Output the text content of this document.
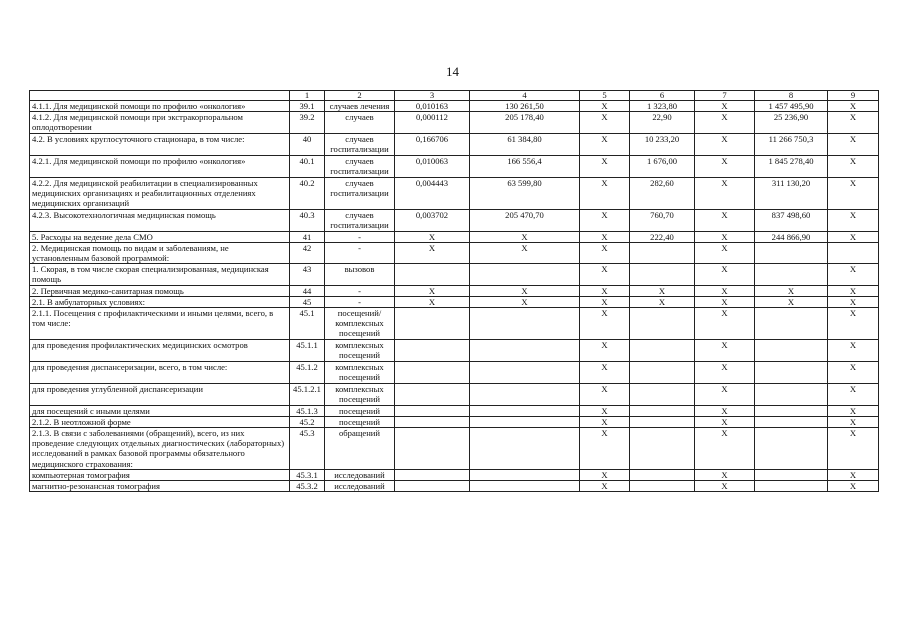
14
	1	2	3	4	5	6	7	8	9
4.1.1. Для медицинской помощи по профилю «онкология»	39.1	случаев лечения	0,010163	130 261,50	X	1 323,80	X	1 457 495,90	X
4.1.2. Для медицинской помощи при экстракорпоральном оплодотворении	39.2	случаев	0,000112	205 178,40	X	22,90	X	25 236,90	X
4.2. В условиях круглосуточного стационара, в том числе:	40	случаев госпитализации	0,166706	61 384,80	X	10 233,20	X	11 266 750,3	X
4.2.1. Для медицинской помощи по профилю «онкология»	40.1	случаев госпитализации	0,010063	166 556,4	X	1 676,00	X	1 845 278,40	X
4.2.2. Для медицинской реабилитации в специализированных медицинских организациях и реабилитационных отделениях медицинских организаций	40.2	случаев госпитализации	0,004443	63 599,80	X	282,60	X	311 130,20	X
4.2.3. Высокотехнологичная медицинская помощь	40.3	случаев госпитализации	0,003702	205 470,70	X	760,70	X	837 498,60	X
5. Расходы на ведение дела СМО	41	-	X	X	X	222,40	X	244 866,90	X
2. Медицинская помощь по видам и заболеваниям, не установленным базовой программой:	42	-	X	X	X		X		
1. Скорая, в том числе скорая специализированная, медицинская помощь	43	вызовов			X		X		X
2. Первичная медико-санитарная помощь	44	-	X	X	X	X	X	X	X
2.1. В амбулаторных условиях:	45	-	X	X	X	X	X	X	X
2.1.1. Посещения с профилактическими и иными целями, всего, в том числе:	45.1	посещений/ комплексных посещений			X		X		X
для проведения профилактических медицинских осмотров	45.1.1	комплексных посещений			X		X		X
для проведения диспансеризации, всего, в том числе:	45.1.2	комплексных посещений			X		X		X
для проведения углубленной диспансеризации	45.1.2.1	комплексных посещений			X		X		X
для посещений с иными целями	45.1.3	посещений			X		X		X
2.1.2. В неотложной форме	45.2	посещений			X		X		X
2.1.3. В связи с заболеваниями (обращений), всего, из них проведение следующих отдельных диагностических (лабораторных) исследований в рамках базовой программы обязательного медицинского страхования:	45.3	обращений			X		X		X
компьютерная томография	45.3.1	исследований			X		X		X
магнитно-резонансная томография	45.3.2	исследований			X		X		X
